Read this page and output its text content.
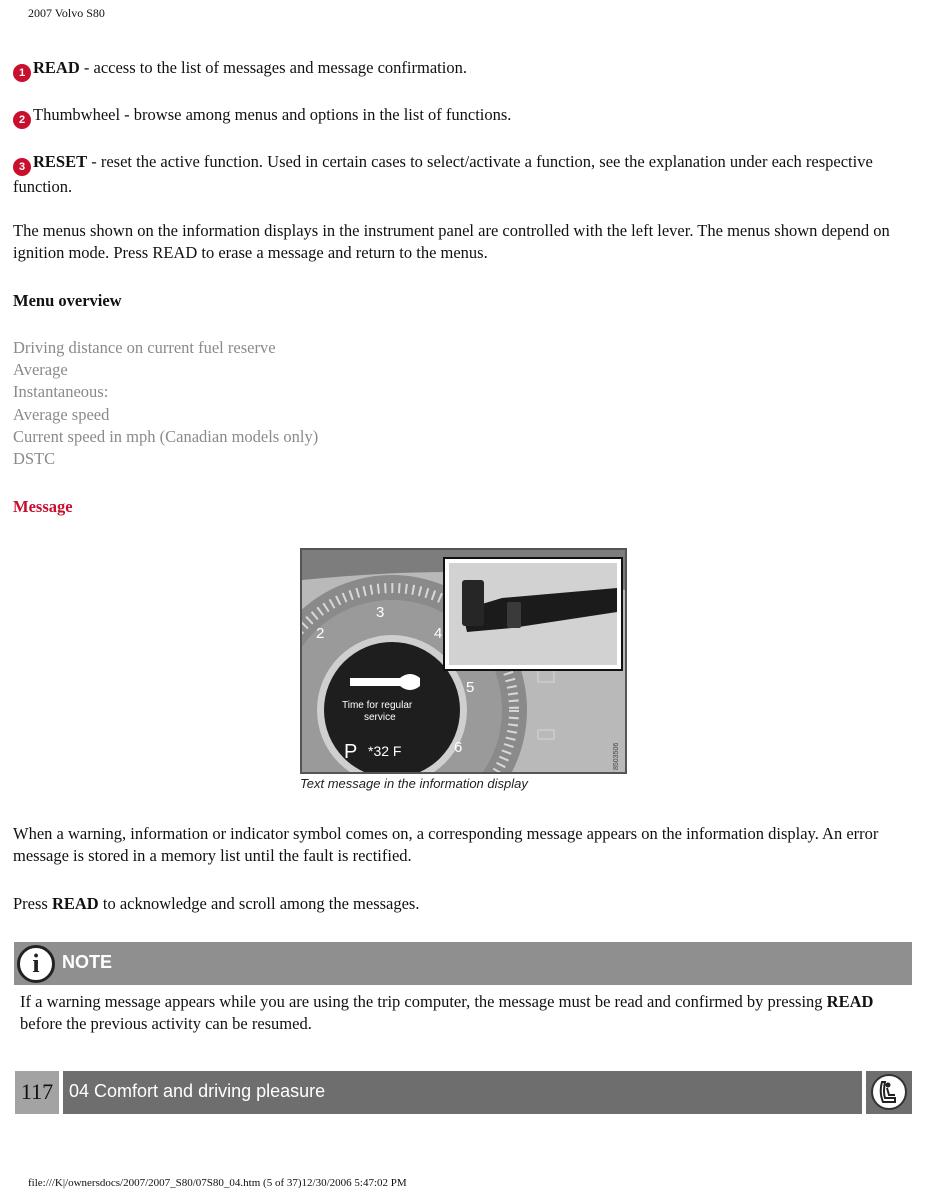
2007 Volvo S80
1 READ - access to the list of messages and message confirmation.
2 Thumbwheel - browse among menus and options in the list of functions.
3 RESET - reset the active function. Used in certain cases to select/activate a function, see the explanation under each respective function.
The menus shown on the information displays in the instrument panel are controlled with the left lever. The menus shown depend on ignition mode. Press READ to erase a message and return to the menus.
Menu overview
Driving distance on current fuel reserve
Average
Instantaneous:
Average speed
Current speed in mph (Canadian models only)
DSTC
Message
Time for regular
service
P *32 F
2
3
4
5
6	8503506
Text message in the information display
When a warning, information or indicator symbol comes on, a corresponding message appears on the information display. An error message is stored in a memory list until the fault is rectified.
Press READ to acknowledge and scroll among the messages.
i	NOTE
If a warning message appears while you are using the trip computer, the message must be read and confirmed by pressing READ before the previous activity can be resumed.
117 04 Comfort and driving pleasure
file:///K|/ownersdocs/2007/2007_S80/07S80_04.htm (5 of 37)12/30/2006 5:47:02 PM
